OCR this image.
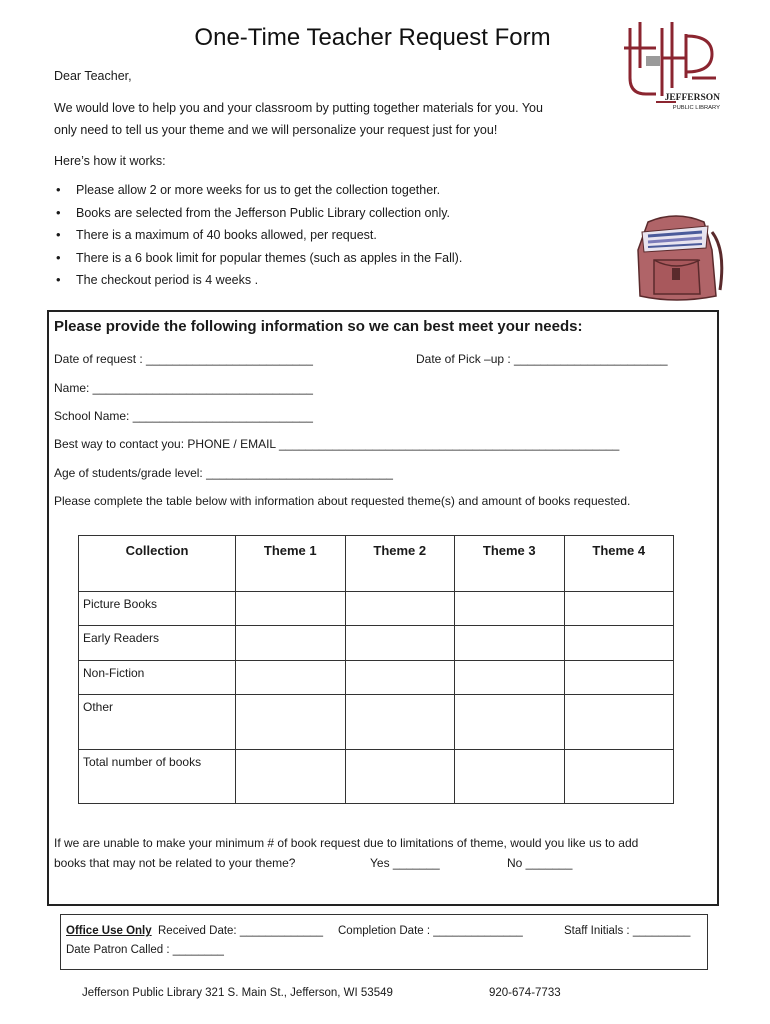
One-Time Teacher Request Form
JEFFERSON
PUBLIC LIBRARY
Dear Teacher,
We would love to help you and your classroom by putting together materials for you. You
only need to tell us your theme and we will personalize your request just for you!
Here’s how it works:
• Please allow 2 or more weeks for us to get the collection together.
• Books are selected from the Jefferson Public Library collection only.
• There is a maximum of 40 books allowed, per request.
• There is a 6 book limit for popular themes (such as apples in the Fall).
• The checkout period is 4 weeks .
Please provide the following information so we can best meet your needs:
Date of request : _________________________	Date of Pick –up : _______________________
Name: _________________________________
School Name: ___________________________
Best way to contact you: PHONE / EMAIL ___________________________________________________
Age of students/grade level: ____________________________
Please complete the table below with information about requested theme(s) and amount of books requested.
Collection	Theme 1	Theme 2	Theme 3	Theme 4
Picture Books				
Early Readers				
Non-Fiction				
Other				
Total number of books				
If we are unable to make your minimum # of book request due to limitations of theme, would you like us to add
books that may not be related to your theme?	Yes _______	No _______
Office Use Only Received Date: _____________ Completion Date : ______________	Staff Initials : _________
Date Patron Called : ________
Jefferson Public Library 321 S. Main St., Jefferson, WI 53549	920-674-7733
